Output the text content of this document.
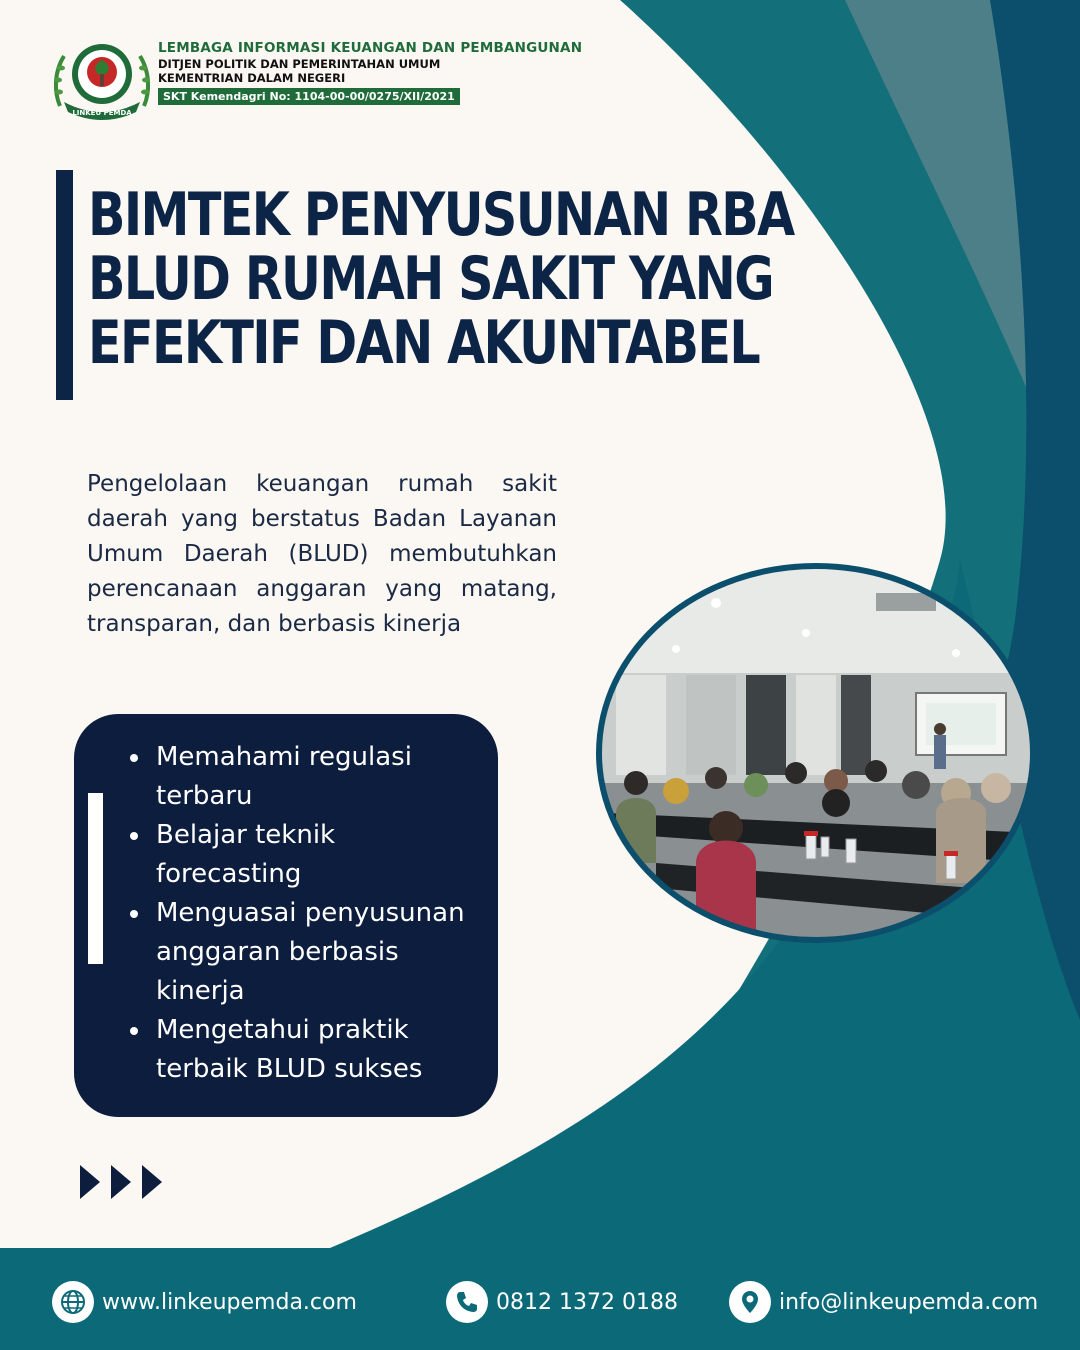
LINKEU PEMDA
LEMBAGA INFORMASI KEUANGAN DAN PEMBANGUNAN
DITJEN POLITIK DAN PEMERINTAHAN UMUM
KEMENTRIAN DALAM NEGERI
SKT Kemendagri No: 1104-00-00/0275/XII/2021
BIMTEK PENYUSUNAN RBA
BLUD RUMAH SAKIT YANG
EFEKTIF DAN AKUNTABEL

Pengelolaan keuangan rumah sakit daerah yang berstatus Badan Layanan Umum Daerah (BLUD) membutuhkan perencanaan anggaran yang matang, transparan, dan berbasis kinerja

Memahami regulasi terbaru
Belajar teknik forecasting
Menguasai penyusunan anggaran berbasis kinerja
Mengetahui praktik terbaik BLUD sukses
www.linkeupemda.com	0812 1372 0188	info@linkeupemda.com
